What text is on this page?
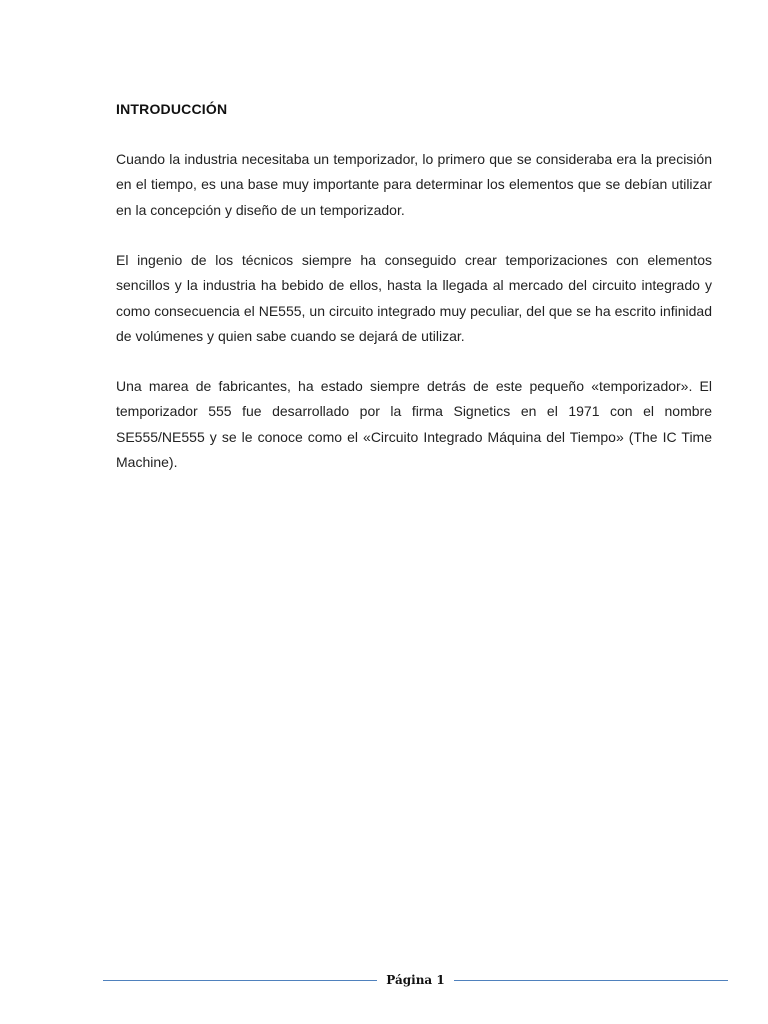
INTRODUCCIÓN

Cuando la industria necesitaba un temporizador, lo primero que se consideraba era la precisión en el tiempo, es una base muy importante para determinar los elementos que se debían utilizar en la concepción y diseño de un temporizador.

El ingenio de los técnicos siempre ha conseguido crear temporizaciones con elementos sencillos y la industria ha bebido de ellos, hasta la llegada al mercado del circuito integrado y como consecuencia el NE555, un circuito integrado muy peculiar, del que se ha escrito infinidad de volúmenes y quien sabe cuando se dejará de utilizar.

Una marea de fabricantes, ha estado siempre detrás de este pequeño «temporizador». El temporizador 555 fue desarrollado por la firma Signetics en el 1971 con el nombre SE555/NE555 y se le conoce como el «Circuito Integrado Máquina del Tiempo» (The IC Time Machine).

Página 1
